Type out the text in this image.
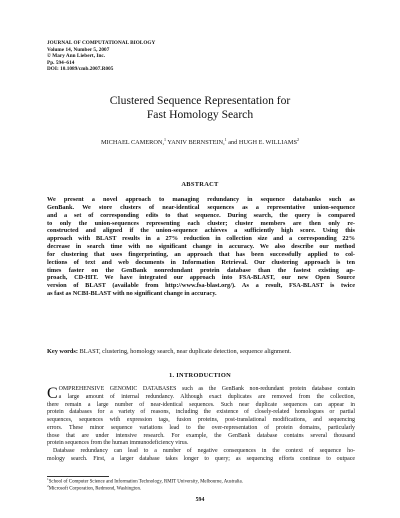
JOURNAL OF COMPUTATIONAL BIOLOGY
Volume 14, Number 5, 2007
© Mary Ann Liebert, Inc.
Pp. 594–614
DOI: 10.1089/cmb.2007.R005
Clustered Sequence Representation for
Fast Homology Search
MICHAEL CAMERON,$^1$ YANIV BERNSTEIN,$^1$ and HUGH E. WILLIAMS$^2$
ABSTRACT
We present a novel approach to managing redundancy in sequence databanks such as
GenBank. We store clusters of near-identical sequences as a representative union-sequence
and a set of corresponding edits to that sequence. During search, the query is compared
to only the union-sequences representing each cluster; cluster members are then only re-
constructed and aligned if the union-sequence achieves a sufficiently high score. Using this
approach with BLAST results in a 27% reduction in collection size and a corresponding 22%
decrease in search time with no significant change in accuracy. We also describe our method
for clustering that uses fingerprinting, an approach that has been successfully applied to col-
lections of text and web documents in Information Retrieval. Our clustering approach is ten
times faster on the GenBank nonredundant protein database than the fastest existing ap-
proach, CD-HIT. We have integrated our approach into FSA-BLAST, our new Open Source
version of BLAST (available from http://www.fsa-blast.org/). As a result, FSA-BLAST is twice
as fast as NCBI-BLAST with no significant change in accuracy.
Key words: BLAST, clustering, homology search, near duplicate detection, sequence alignment.
1. INTRODUCTION
C OMPREHENSIVE GENOMIC DATABASES such as the GenBank non-redundant protein database contain
a large amount of internal redundancy. Although exact duplicates are removed from the collection,
there remain a large number of near-identical sequences. Such near duplicate sequences can appear in
protein databases for a variety of reasons, including the existence of closely-related homologues or partial
sequences, sequences with expression tags, fusion proteins, post-translational modifications, and sequencing
errors. These minor sequence variations lead to the over-representation of protein domains, particularly
those that are under intensive research. For example, the GenBank database contains several thousand
protein sequences from the human immunodeficiency virus.
Database redundancy can lead to a number of negative consequences in the context of sequence ho-
mology search. First, a larger database takes longer to query; as sequencing efforts continue to outpace
$^1$School of Computer Science and Information Technology, RMIT University, Melbourne, Australia.
$^2$Microsoft Corporation, Redmond, Washington.
594
